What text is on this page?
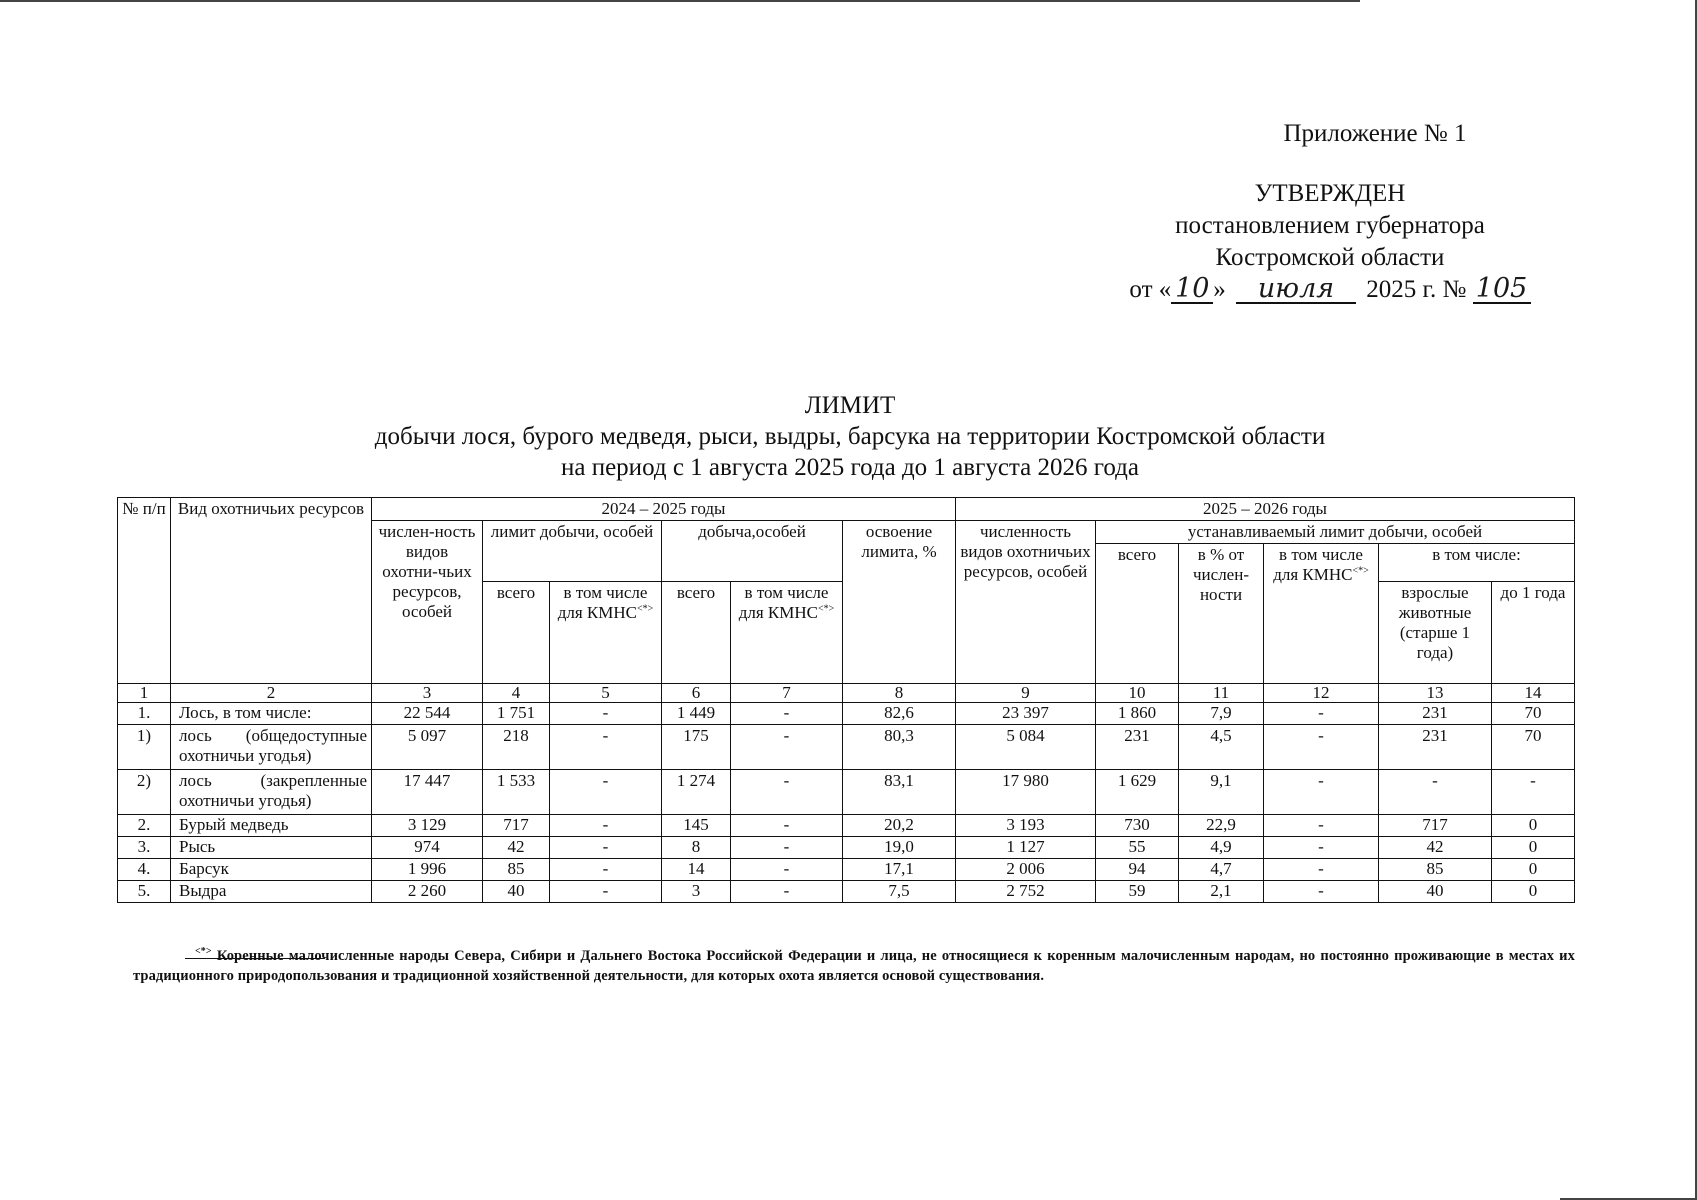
Приложение № 1
УТВЕРЖДЕН
постановлением губернатора
Костромской области
от « 10 » июля 2025 г. № 105
ЛИМИТ
добычи лося, бурого медведя, рыси, выдры, барсука на территории Костромской области
на период с 1 августа 2025 года до 1 августа 2026 года
№ п/п	Вид охотничьих ресурсов	2024 – 2025 годы						2025 – 2026 годы					
		числен-ность видов охотни-чьих ресурсов, особей	лимит добычи, особей		добыча,особей		освоение лимита, %	численность видов охотничьих ресурсов, особей	устанавливаемый лимит добычи, особей				
									всего	в % от числен-ности	в том числе для КМНС<*>	в том числе:	
			всего	в том числе для КМНС<*>	всего	в том числе для КМНС<*>						взрослые животные (старше 1 года)	до 1 года
1	2	3	4	5	6	7	8	9	10	11	12	13	14
1.	Лось, в том числе:	22 544	1 751	-	1 449	-	82,6	23 397	1 860	7,9	-	231	70
1)	лось (общедоступные охотничьи угодья)	5 097	218	-	175	-	80,3	5 084	231	4,5	-	231	70
2)	лось (закрепленные охотничьи угодья)	17 447	1 533	-	1 274	-	83,1	17 980	1 629	9,1	-	-	-
2.	Бурый медведь	3 129	717	-	145	-	20,2	3 193	730	22,9	-	717	0
3.	Рысь	974	42	-	8	-	19,0	1 127	55	4,9	-	42	0
4.	Барсук	1 996	85	-	14	-	17,1	2 006	94	4,7	-	85	0
5.	Выдра	2 260	40	-	3	-	7,5	2 752	59	2,1	-	40	0
<*> Коренные малочисленные народы Севера, Сибири и Дальнего Востока Российской Федерации и лица, не относящиеся к коренным малочисленным народам, но постоянно проживающие в местах их традиционного природопользования и традиционной хозяйственной деятельности, для которых охота является основой существования.
